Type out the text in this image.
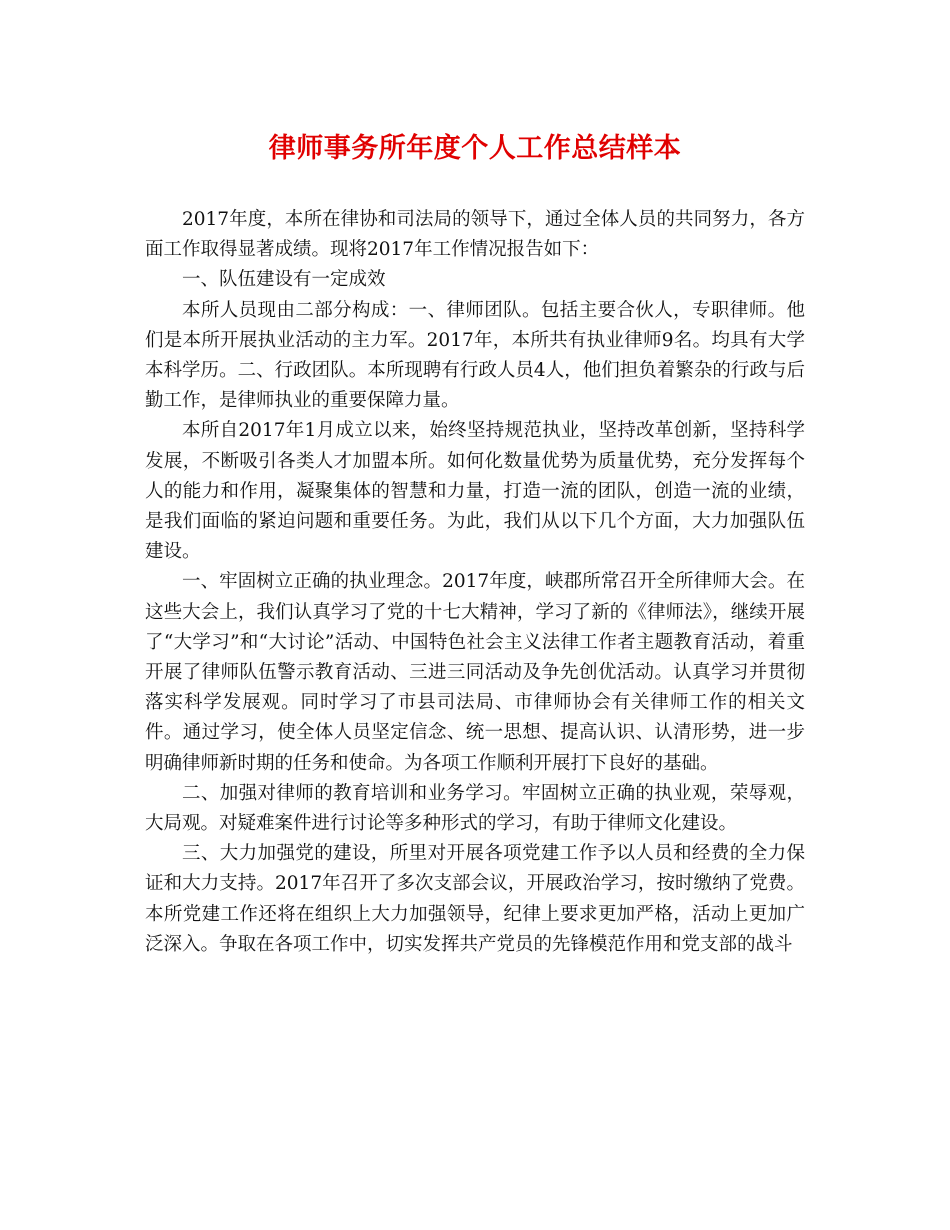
律师事务所年度个人工作总结样本

2017年度，本所在律协和司法局的领导下，通过全体人员的共同努力，各方面工作取得显著成绩。现将2017年工作情况报告如下：

一、队伍建设有一定成效

本所人员现由二部分构成：一、律师团队。包括主要合伙人，专职律师。他们是本所开展执业活动的主力军。2017年，本所共有执业律师9名。均具有大学本科学历。二、行政团队。本所现聘有行政人员4人，他们担负着繁杂的行政与后勤工作，是律师执业的重要保障力量。

本所自2017年1月成立以来，始终坚持规范执业，坚持改革创新，坚持科学发展，不断吸引各类人才加盟本所。如何化数量优势为质量优势，充分发挥每个人的能力和作用，凝聚集体的智慧和力量，打造一流的团队，创造一流的业绩，是我们面临的紧迫问题和重要任务。为此，我们从以下几个方面，大力加强队伍建设。

一、牢固树立正确的执业理念。2017年度，峡郡所常召开全所律师大会。在这些大会上，我们认真学习了党的十七大精神，学习了新的《律师法》，继续开展了“大学习”和“大讨论”活动、中国特色社会主义法律工作者主题教育活动，着重开展了律师队伍警示教育活动、三进三同活动及争先创优活动。认真学习并贯彻落实科学发展观。同时学习了市县司法局、市律师协会有关律师工作的相关文件。通过学习，使全体人员坚定信念、统一思想、提高认识、认清形势，进一步明确律师新时期的任务和使命。为各项工作顺利开展打下良好的基础。

二、加强对律师的教育培训和业务学习。牢固树立正确的执业观，荣辱观，大局观。对疑难案件进行讨论等多种形式的学习，有助于律师文化建设。

三、大力加强党的建设，所里对开展各项党建工作予以人员和经费的全力保证和大力支持。2017年召开了多次支部会议，开展政治学习，按时缴纳了党费。本所党建工作还将在组织上大力加强领导，纪律上要求更加严格，活动上更加广泛深入。争取在各项工作中，切实发挥共产党员的先锋模范作用和党支部的战斗
